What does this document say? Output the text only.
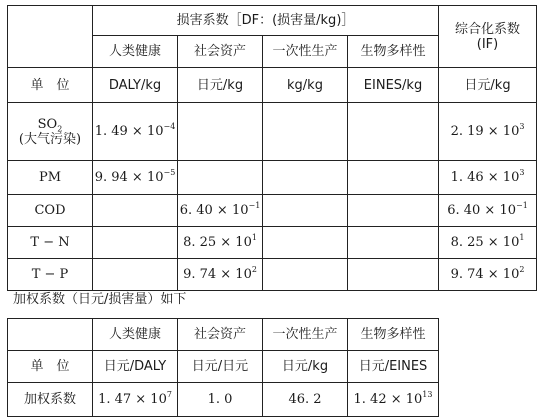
	损害系数［DF：(损害量/kg)］				综合化系数
(IF)

	人类健康	社会资产	一次性生产	生物多样性	
单　位	DALY/kg	日元/kg	kg/kg	EINES/kg	日元/kg

$SO_2$
(大气污染)	1. $49 \times 10^{-4}$				2. $19 \times 10^3$

PM	9. $94 \times 10^{-5}$				1. $46 \times 10^3$

COD		6. $40 \times 10^{-1}$			6. $40 \times 10^{-1}$

T − N		8. $25 \times 10^1$			8. $25 \times 10^1$

T − P		9. $74 \times 10^2$			9. $74 \times 10^2$
加权系数（日元/损害量）如下
	人类健康	社会资产	一次性生产	生物多样性	
单　位	日元/DALY	日元/日元	日元/kg	日元/EINES	
加权系数	1. $47 \times 10^7$	1. 0	46. 2	1. $42 \times 10^{13}$	
